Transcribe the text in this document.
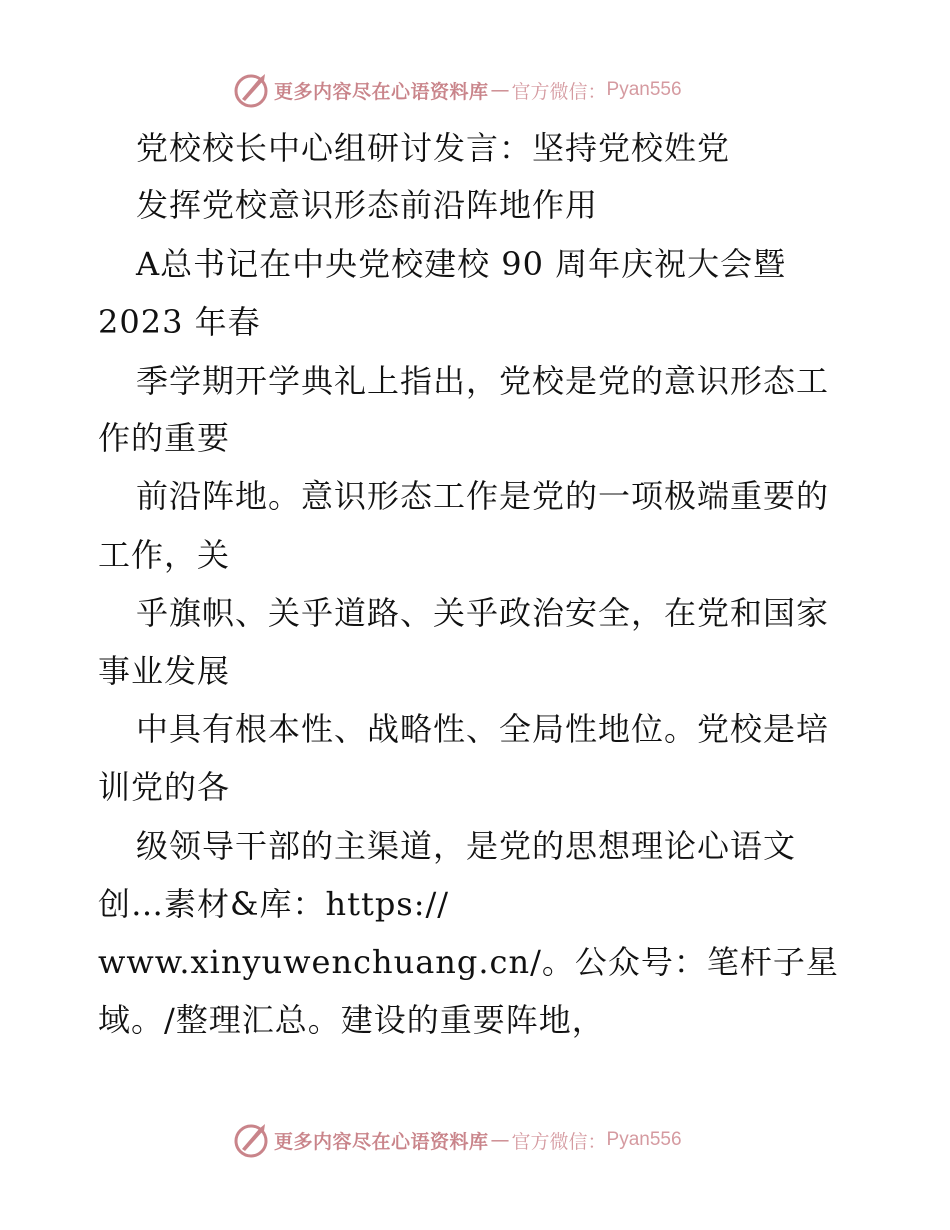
更多内容尽在心语资料库 — 官方微信： Pyan556
党校校长中心组研讨发言：坚持党校姓党
发挥党校意识形态前沿阵地作用
A总书记在中央党校建校 90 周年庆祝大会暨
2023 年春
季学期开学典礼上指出，党校是党的意识形态工
作的重要
前沿阵地。意识形态工作是党的一项极端重要的
工作，关
乎旗帜、关乎道路、关乎政治安全，在党和国家
事业发展
中具有根本性、战略性、全局性地位。党校是培
训党的各
级领导干部的主渠道，是党的思想理论心语文
创…素材&库：https://
www.xinyuwenchuang.cn/。公众号：笔杆子星
域。/整理汇总。建设的重要阵地，
更多内容尽在心语资料库 — 官方微信： Pyan556
